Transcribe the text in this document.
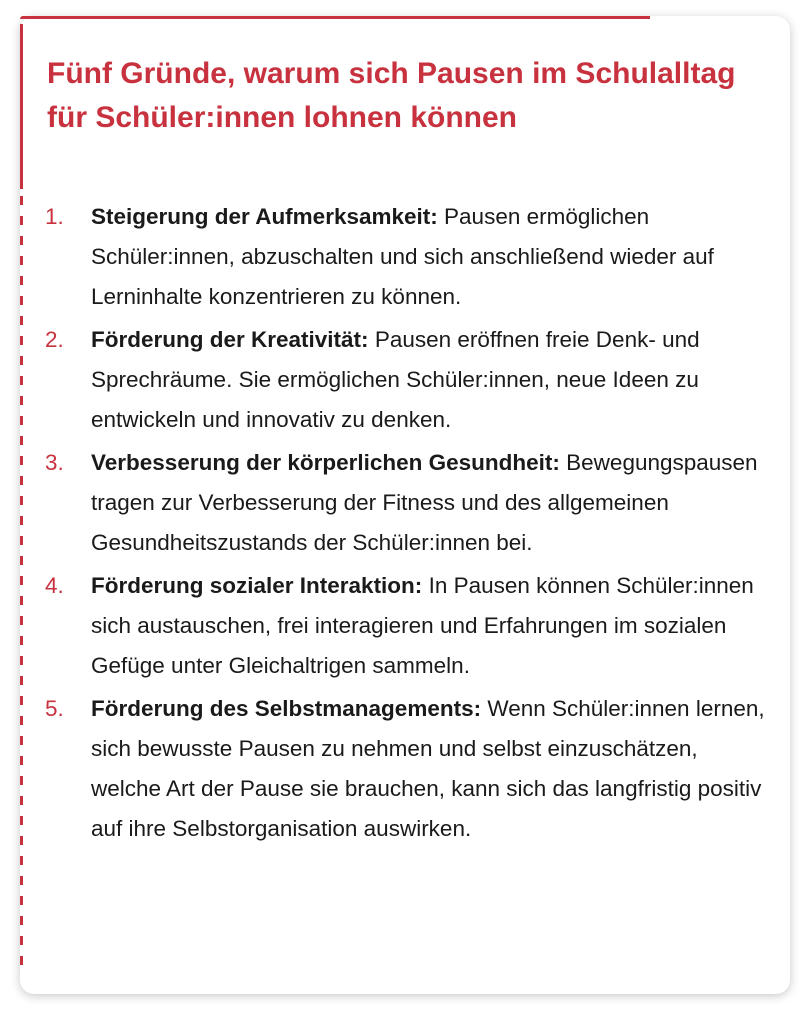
Fünf Gründe, warum sich Pausen im Schulalltag für Schüler:innen lohnen können
1.	Steigerung der Aufmerksamkeit: Pausen ermöglichen Schüler:innen, abzuschalten und sich anschließend wieder auf Lerninhalte konzentrieren zu können.
2.	Förderung der Kreativität: Pausen eröffnen freie Denk- und Sprechräume. Sie ermöglichen Schüler:innen, neue Ideen zu entwickeln und innovativ zu denken.
3.	Verbesserung der körperlichen Gesundheit: Bewegungspausen tragen zur Verbesserung der Fitness und des allgemeinen Gesundheitszustands der Schüler:innen bei.
4.	Förderung sozialer Interaktion: In Pausen können Schüler:innen sich austauschen, frei interagieren und Erfahrungen im sozialen Gefüge unter Gleichaltrigen sammeln.
5.	Förderung des Selbstmanagements: Wenn Schüler:innen lernen, sich bewusste Pausen zu nehmen und selbst einzuschätzen, welche Art der Pause sie brauchen, kann sich das langfristig positiv auf ihre Selbstorganisation auswirken.
